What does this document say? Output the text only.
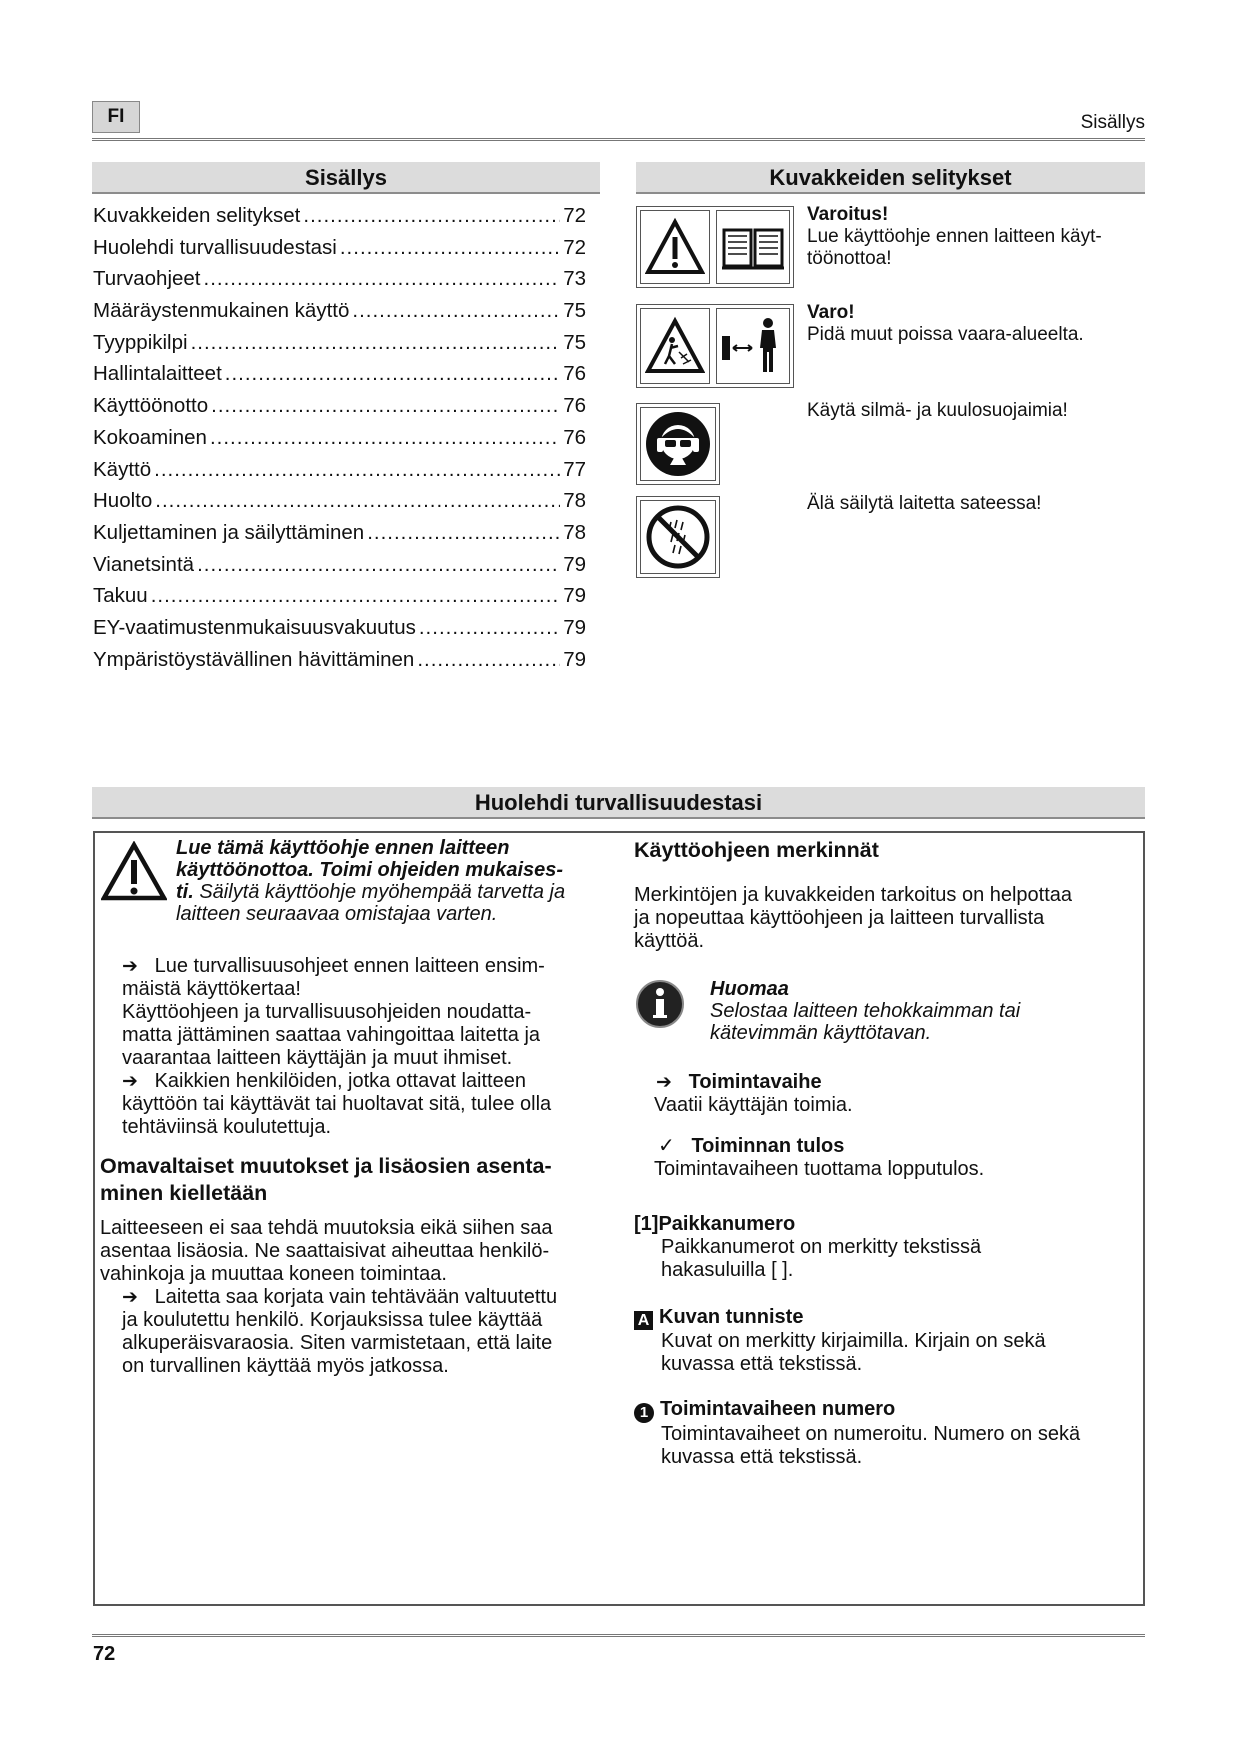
FI	Sisällys
Sisällys
Kuvakkeiden selitykset .....	72
Huolehdi turvallisuudestasi .....	72
Turvaohjeet .....	73
Määräystenmukainen käyttö .....	75
Tyyppikilpi .....	75
Hallintalaitteet .....	76
Käyttöönotto .....	76
Kokoaminen .....	76
Käyttö .....	77
Huolto .....	78
Kuljettaminen ja säilyttäminen .....	78
Vianetsintä .....	79
Takuu .....	79
EY-vaatimustenmukaisuusvakuutus .....	79
Ympäristöystävällinen hävittäminen .....	79
Kuvakkeiden selitykset
Varoitus!
Lue käyttöohje ennen laitteen käyt-
töönottoa!
Varo!
Pidä muut poissa vaara-alueelta.
Käytä silmä- ja kuulosuojaimia!
Älä säilytä laitetta sateessa!
Huolehdi turvallisuudestasi
Lue tämä käyttöohje ennen laitteen
käyttöönottoa. Toimi ohjeiden mukaises-
ti. Säilytä käyttöohje myöhempää tarvetta ja
laitteen seuraavaa omistajaa varten.
➔ Lue turvallisuusohjeet ennen laitteen ensim-
mäistä käyttökertaa!
Käyttöohjeen ja turvallisuusohjeiden noudatta-
matta jättäminen saattaa vahingoittaa laitetta ja
vaarantaa laitteen käyttäjän ja muut ihmiset.
➔ Kaikkien henkilöiden, jotka ottavat laitteen
käyttöön tai käyttävät tai huoltavat sitä, tulee olla
tehtäviinsä koulutettuja.
Omavaltaiset muutokset ja lisäosien asenta-
minen kielletään
Laitteeseen ei saa tehdä muutoksia eikä siihen saa
asentaa lisäosia. Ne saattaisivat aiheuttaa henkilö-
vahinkoja ja muuttaa koneen toimintaa.
➔ Laitetta saa korjata vain tehtävään valtuutettu
ja koulutettu henkilö. Korjauksissa tulee käyttää
alkuperäisvaraosia. Siten varmistetaan, että laite
on turvallinen käyttää myös jatkossa.
Käyttöohjeen merkinnät
Merkintöjen ja kuvakkeiden tarkoitus on helpottaa
ja nopeuttaa käyttöohjeen ja laitteen turvallista
käyttöä.
Huomaa
Selostaa laitteen tehokkaimman tai
kätevimmän käyttötavan.
➔ Toimintavaihe
Vaatii käyttäjän toimia.
✓ Toiminnan tulos
Toimintavaiheen tuottama lopputulos.
[1]Paikkanumero
Paikkanumerot on merkitty tekstissä
hakasuluilla [ ].
A Kuvan tunniste
Kuvat on merkitty kirjaimilla. Kirjain on sekä
kuvassa että tekstissä.
1 Toimintavaiheen numero
Toimintavaiheet on numeroitu. Numero on sekä
kuvassa että tekstissä.
72
